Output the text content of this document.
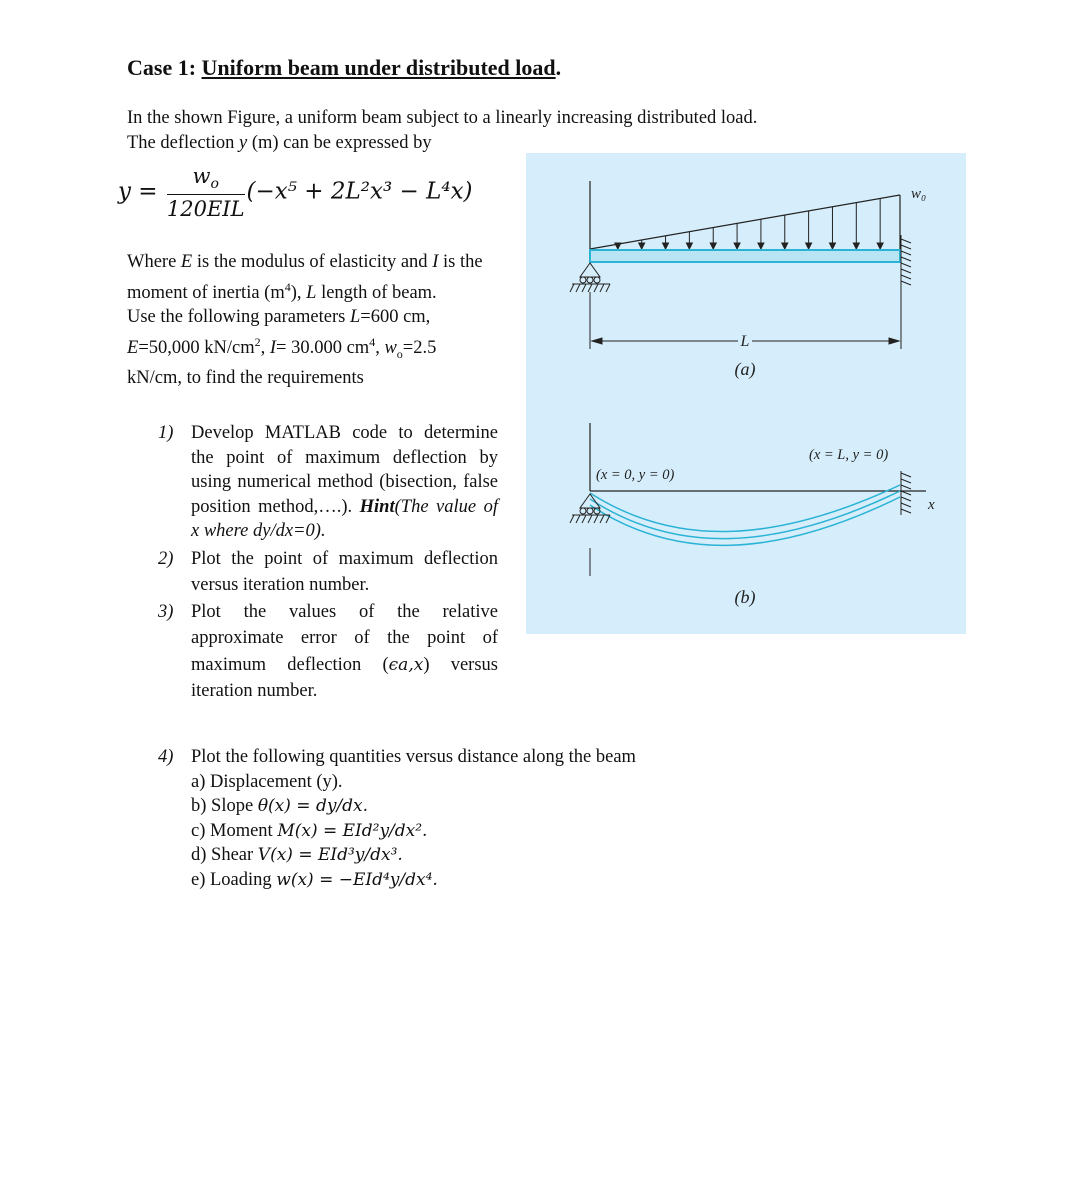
Case 1: Uniform beam under distributed load.
In the shown Figure, a uniform beam subject to a linearly increasing distributed load.
The deflection y (m) can be expressed by
$y = \frac{w_o}{\text{120EIL}} (-x^5 + 2L^2x^3 - L^4x)$
Where E is the modulus of elasticity and I is the moment of inertia $(m^4)$, L length of beam.
Use the following parameters L=600 cm, E=50,000 $kN/cm^2$, I= 30.000 $cm^4$, $w_o=2.5$ kN/cm, to find the requirements
1) Develop MATLAB code to determine the point of maximum deflection by using numerical method (bisection, false position method,….). Hint(The value of x where dy/dx=0).
2) Plot the point of maximum deflection versus iteration number.
3) Plot the values of the relative approximate error of the point of maximum deflection (ϵa,x) versus iteration number.
4) Plot the following quantities versus distance along the beam
a) Displacement (y).
b) Slope θ(x) = dy/dx.
c) Moment M(x) = EId²y/dx².
d) Shear V(x) = EId³y/dx³.
e) Loading w(x) = −EId⁴y/dx⁴.
w₀
L
(a)
(x = 0, y = 0)
(x = L, y = 0)
x
(b)
